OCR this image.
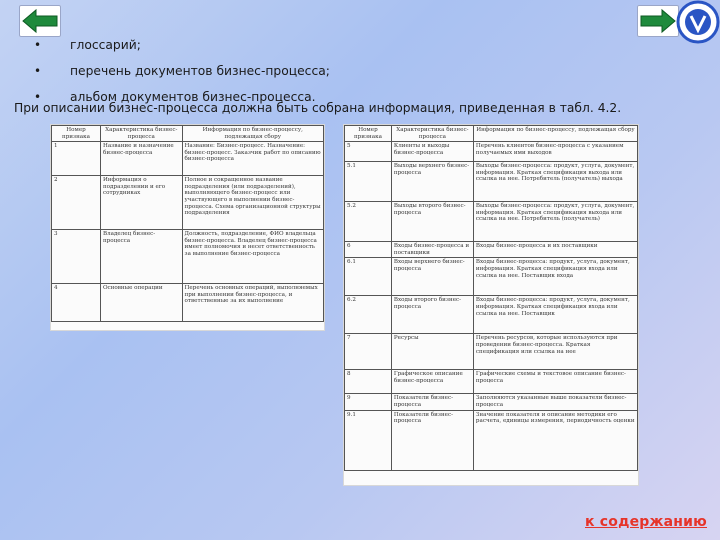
• глоссарий;
• перечень документов бизнес-процесса;
• альбом документов бизнес-процесса.
При описании бизнес-процесса должна быть собрана информация, приведенная в табл. 4.2.
Номер признака	Характеристика бизнес-процесса	Информация по бизнес-процессу, подлежащая сбору
1	Название и назначение бизнес-процесса	Название: Бизнес-процесс. Назначение: бизнес-процесс. Заказчик работ по описанию бизнес-процесса
2	Информация о подразделении и его сотрудниках	Полное и сокращенное название подразделения (или подразделений), выполняющего бизнес-процесс или участвующего в выполнении бизнес-процесса. Схема организационной структуры подразделения
3	Владелец бизнес-процесса	Должность, подразделение, ФИО владельца бизнес-процесса. Владелец бизнес-процесса имеет полномочия и несет ответственность за выполнение бизнес-процесса
4	Основные операции	Перечень основных операций, выполняемых при выполнении бизнес-процесса, и ответственные за их выполнение
Номер признака	Характеристика бизнес-процесса	Информация по бизнес-процессу, подлежащая сбору
5	Клиенты и выходы бизнес-процесса	Перечень клиентов бизнес-процесса с указанием получаемых ими выходов
5.1	Выходы верхнего бизнес-процесса	Выходы бизнес-процесса: продукт, услуга, документ, информация. Краткая спецификация выхода или ссылка на нее. Потребитель (получатель) выхода
5.2	Выходы второго бизнес-процесса	Выходы бизнес-процесса: продукт, услуга, документ, информация. Краткая спецификация выхода или ссылка на нее. Потребитель (получатель)
6	Входы бизнес-процесса и поставщики	Входы бизнес-процесса и их поставщики
6.1	Входы верхнего бизнес-процесса	Входы бизнес-процесса: продукт, услуга, документ, информация. Краткая спецификация входа или ссылка на нее. Поставщик входа
6.2	Входы второго бизнес-процесса	Входы бизнес-процесса: продукт, услуга, документ, информация. Краткая спецификация входа или ссылка на нее. Поставщик
7	Ресурсы	Перечень ресурсов, которые используются при проведении бизнес-процесса. Краткая спецификация или ссылка на нее
8	Графическое описание бизнес-процесса	Графические схемы и текстовое описание бизнес-процесса
9	Показатели бизнес-процесса	Заполняются указанные выше показатели бизнес-процесса
9.1	Показатели бизнес-процесса	Значение показателя и описание методики его расчета, единицы измерения, периодичность оценки
к содержанию
